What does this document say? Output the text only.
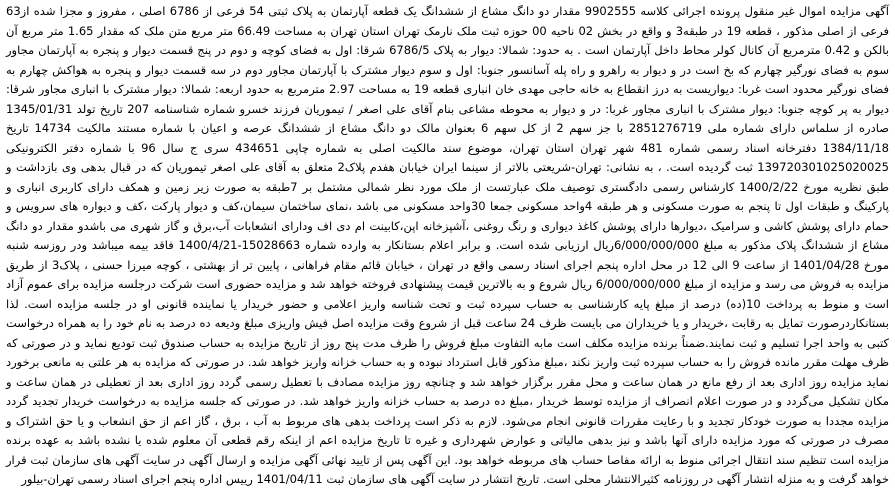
آگهی مزایده اموال غیر منقول پرونده اجرائی کلاسه 9902555 مقدار دو دانگ مشاع از ششدانگ یک قطعه آپارتمان به پلاک ثبتی 54 فرعی از 6786 اصلی ، مفروز و مجزا شده از63 فرعی از اصلی مذکور ، قطعه 19 در طبقه3 و واقع در بخش 02 ناحیه 00 حوزه ثبت ملک نارمک تهران استان تهران به مساحت 66.49 متر مربع متن ملک که مقدار 1.65 متر مربع آن بالکن و 0.42 مترمربع آن کانال کولر محاط داخل آپارتمان است . به حدود: شمالا: دیوار به پلاک 6786/5 شرقا: اول به فضای کوچه و دوم در پنج قسمت دیوار و پنجره به آپارتمان مجاور سوم به فضای نورگیر چهارم که بخ است در و دیوار به راهرو و راه پله آسانسور جنوبا: اول و سوم دیوار مشترک با آپارتمان مجاور دوم در سه قسمت دیوار و پنجره به هواکش چهارم به فضای نورگیر محدود است غربا: دیواریست به درز انقطاع به خانه حاجی مهدی خان انباری قطعه 19 به مساحت 2.97 مترمربع به حدود اربعه: شمالا: دیوار مشترک با انباری مجاور شرقا: دیوار به پر کوچه جنوبا: دیوار مشترک با انباری مجاور غربا: در و دیوار به محوطه مشاعی بنام آقای علی اصغر / تیموریان فرزند خسرو شماره شناسنامه 207 تاریخ تولد 1345/01/31 صادره از سلماس دارای شماره ملی 2851276719 با جز سهم 2 از کل سهم 6 بعنوان مالک دو دانگ مشاع از ششدانگ عرصه و اعیان با شماره مستند مالکیت 14734 تاریخ 1384/11/18 دفترخانه اسناد رسمی شماره 481 شهر تهران استان تهران، موضوع سند مالکیت اصلی به شماره چاپی 434651 سری ج سال 96 با شماره دفتر الکترونیکی 139720301025020025 ثبت گردیده است. ، به نشانی: تهران-شریعتی بالاتر از سینما ایران خیابان هفدم پلاک2 متعلق به آقای علی اصغر تیموریان که در قبال بدهی وی بازداشت و طبق نظریه مورخ 1400/2/22 کارشناس رسمی دادگستری توصیف ملک عبارتست از ملک مورد نظر شمالی مشتمل بر 7طبقه به صورت زیر زمین و همکف دارای کاربری انباری و پارکینگ و طبقات اول تا پنجم به صورت مسکونی و هر طبقه 4واحد مسکونی جمعا 30واحد مسکونی می باشد ،نمای ساختمان سیمان،کف و دیوار پارکت ،کف و دیواره های سرویس و حمام دارای پوشش کاشی و سرامیک ،دیوارها دارای پوشش کاغذ دیواری و رنگ روغنی ،آشپزخانه اپن،کابینت ام دی اف ودارای انشعابات آب،برق و گاز شهری می باشدو مقدار دو دانگ مشاع از ششدانگ پلاک مذکور به مبلغ 6/000/000/000ریال ارزیابی شده است. و برابر اعلام بستانکار به وارده شماره 15028663-1400/4/21 فاقد بیمه میباشد ودر روزسه شنبه مورخ 1401/04/28 از ساعت 9 الی 12 در محل اداره پنجم اجرای اسناد رسمی واقع در تهران ، خیابان قائم مقام فراهانی ، پایین تر از بهشتی ، کوچه میرزا حسنی ، پلاک3 از طریق مزایده به فروش می رسد و مزایده از مبلغ 6/000/000/000 ریال شروع و به بالاترین قیمت پیشنهادی فروخته خواهد شد و مزایده حضوری است شرکت درجلسه مزایده برای عموم آزاد است و منوط به پرداخت 10(ده) درصد از مبلغ پایه کارشناسی به حساب سپرده ثبت و تحت شناسه واریز اعلامی و حضور خریدار یا نماینده قانونی او در جلسه مزایده است. لذا بستانکاردرصورت تمایل به رقابت ،خریدار و یا خریداران می بایست ظرف 24 ساعت قبل از شروع وقت مزایده اصل فیش واریزی مبلغ ودیعه ده درصد به نام خود را به همراه درخواست کتبی به واحد اجرا تسلیم و ثبت نمایند.ضمناً برنده مزایده مکلف است مابه التفاوت مبلغ فروش را ظرف مدت پنج روز از تاریخ مزایده به حساب صندوق ثبت تودیع نماید و در صورتی که ظرف مهلت مقرر مانده فروش را به حساب سپرده ثبت واریز نکند ،مبلغ مذکور قابل استرداد نبوده و به حساب خزانه واریز خواهد شد. در صورتی که مزایده به هر علتی به مانعی برخورد نماید مزایده روز اداری بعد از رفع مانع در همان ساعت و محل مقرر برگزار خواهد شد و چنانچه روز مزایده مصادف با تعطیل رسمی گردد روز اداری بعد از تعطیلی در همان ساعت و مکان تشکیل می‌گردد و در صورت اعلام انصراف از مزایده توسط خریدار ،مبلغ ده درصد به حساب خزانه واریز خواهد شد. در صورتی که جلسه مزایده به درخواست خریدار تجدید گردد مزایده مجددا به صورت خودکار تجدید و با رعایت مقررات قانونی انجام می‌شود. لازم به ذکر است پرداخت بدهی های مربوط به آب ، برق ، گاز اعم از حق انشعاب و یا حق اشتراک و مصرف در صورتی که مورد مزایده دارای آنها باشد و نیز بدهی مالیاتی و عوارض شهرداری و غیره تا تاریخ مزایده اعم از اینکه رقم قطعی آن معلوم شده یا نشده باشد به عهده برنده مزایده است تنظیم سند انتقال اجرائی منوط به ارائه مفاصا حساب های مربوطه خواهد بود. این آگهی پس از تایید نهائی آگهی مزایده و ارسال آگهی در سایت آگهی های سازمان ثبت قرار خواهد گرفت و به منزله انتشار آگهی در روزنامه کثیرالانتشار محلی است. تاریخ انتشار در سایت آگهی های سازمان ثبت 1401/04/11 رییس اداره پنجم اجرای اسناد رسمی تهران-بیلور
